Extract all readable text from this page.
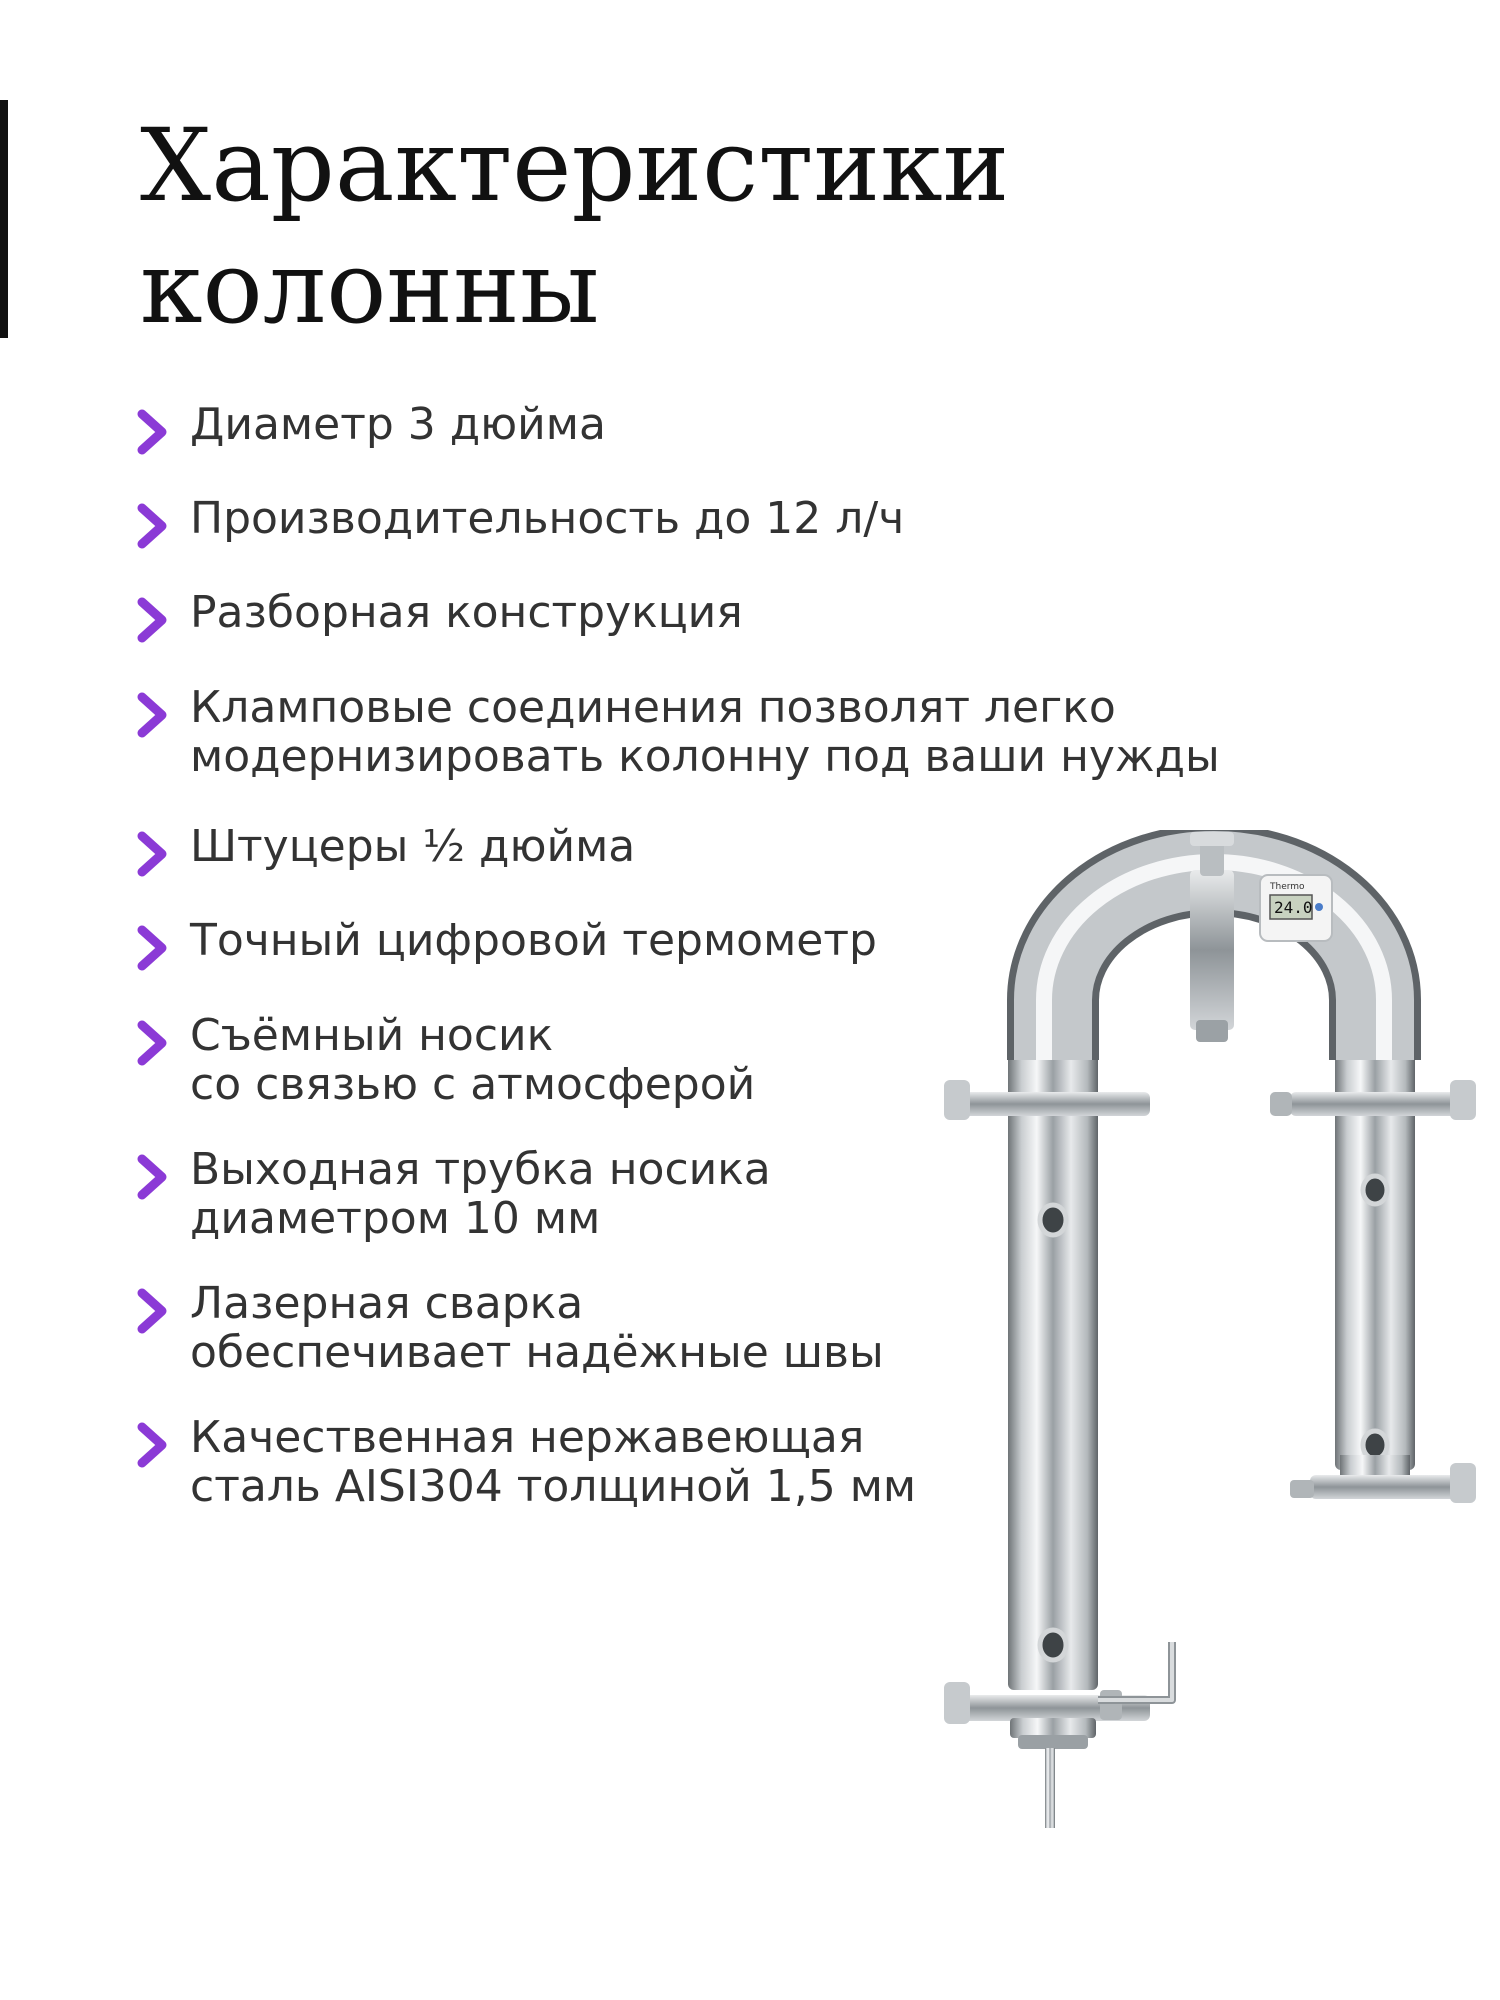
Характеристики
колонны
Диаметр 3 дюйма
Производительность до 12 л/ч
Разборная конструкция
Кламповые соединения позволят легко
модернизировать колонну под ваши нужды
Штуцеры ½ дюйма
Точный цифровой термометр
Съёмный носик
со связью с атмосферой
Выходная трубка носика
диаметром 10 мм
Лазерная сварка
обеспечивает надёжные швы
Качественная нержавеющая
сталь AISI304 толщиной 1,5 мм
Thermo
24.0
